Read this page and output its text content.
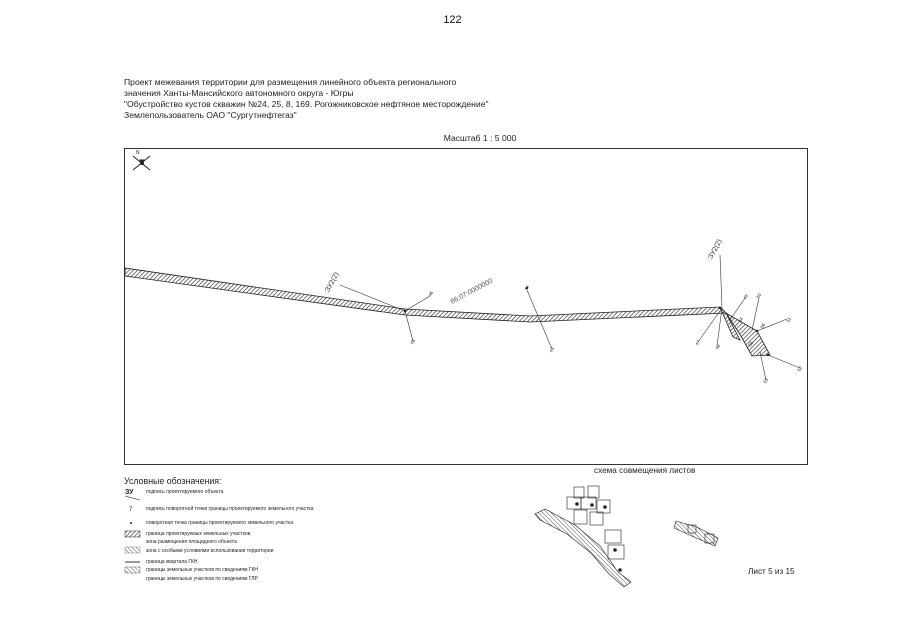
122
Проект межевания территории для размещения линейного объекта регионального
значения Ханты-Мансийского автономного округа - Югры
"Обустройство кустов скважин №24, 25, 8, 169. Рогожниковское нефтяное месторождение"
Землепользователь ОАО "Сургутнефтегаз"
Масштаб 1 : 5 000
N
:ЗУ2(2)	86:07:0000000
:ЗУ2(2)
46
45
44
43
47
48
49 50
51
52
53
54
55
56
ЗУ
7
Условные обозначения:
подпись проектируемого объекта
подпись поворотной точки границы проектируемого земельного участка
поворотная точка границы проектируемого земельного участка
граница проектируемых земельных участков
зона размещения площадного объекта
зона с особыми условиями использования территории
граница квартала ГКН
границы земельных участков по сведениям ГКН
границы земельных участков по сведениям ГЛР
схема совмещения листов
Лист 5 из 15
